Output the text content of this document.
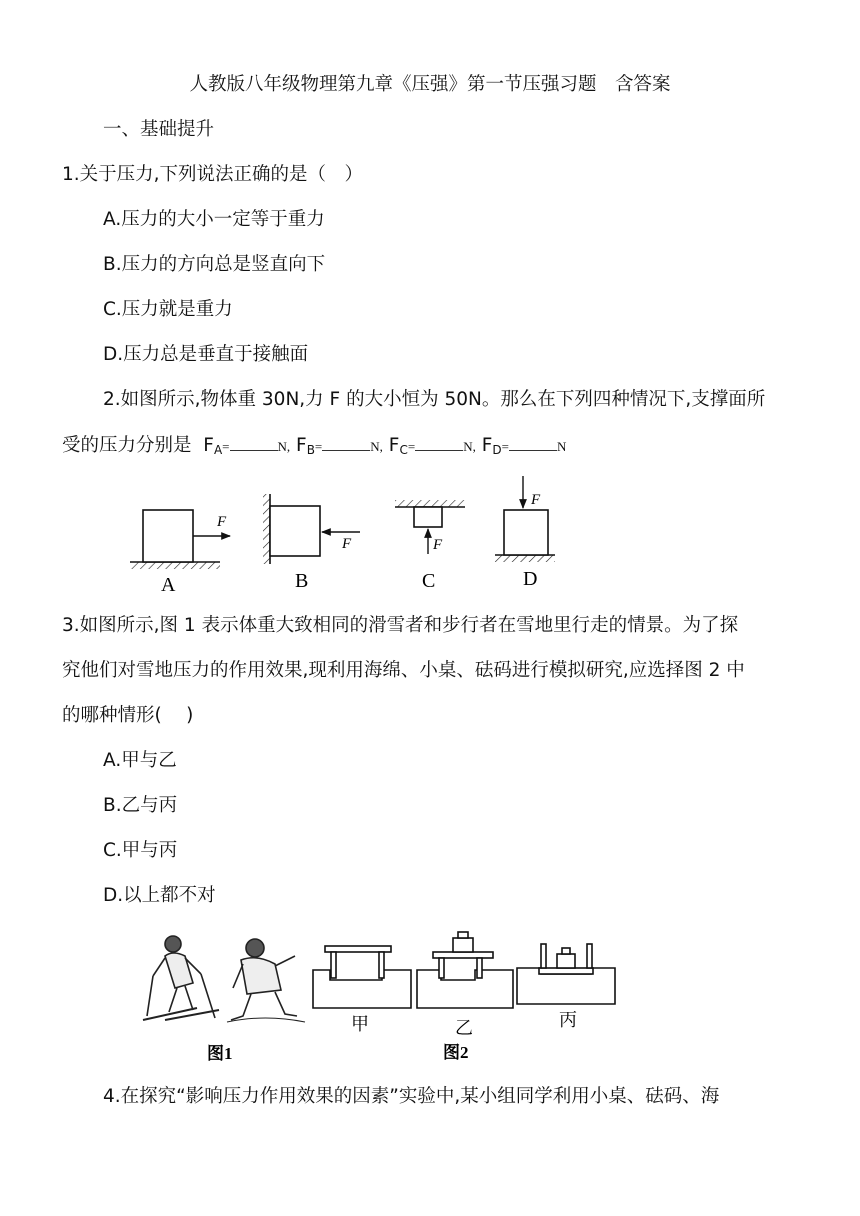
人教版八年级物理第九章《压强》第一节压强习题　含答案
一、基础提升
1.关于压力,下列说法正确的是（　）
A.压力的大小一定等于重力
B.压力的方向总是竖直向下
C.压力就是重力
D.压力总是垂直于接触面
2.如图所示,物体重 30N,力 F 的大小恒为 50N。那么在下列四种情况下,支撑面所
受的压力分别是 FA=	N, FB=	N, FC=	N, FD=	N
F
A
F
B
F
C
F
D
3.如图所示,图 1 表示体重大致相同的滑雪者和步行者在雪地里行走的情景。为了探
究他们对雪地压力的作用效果,现利用海绵、小桌、砝码进行模拟研究,应选择图 2 中
的哪种情形(　 )
A.甲与乙
B.乙与丙
C.甲与丙
D.以上都不对
图1
甲	乙	丙
图2
4.在探究“影响压力作用效果的因素”实验中,某小组同学利用小桌、砝码、海
